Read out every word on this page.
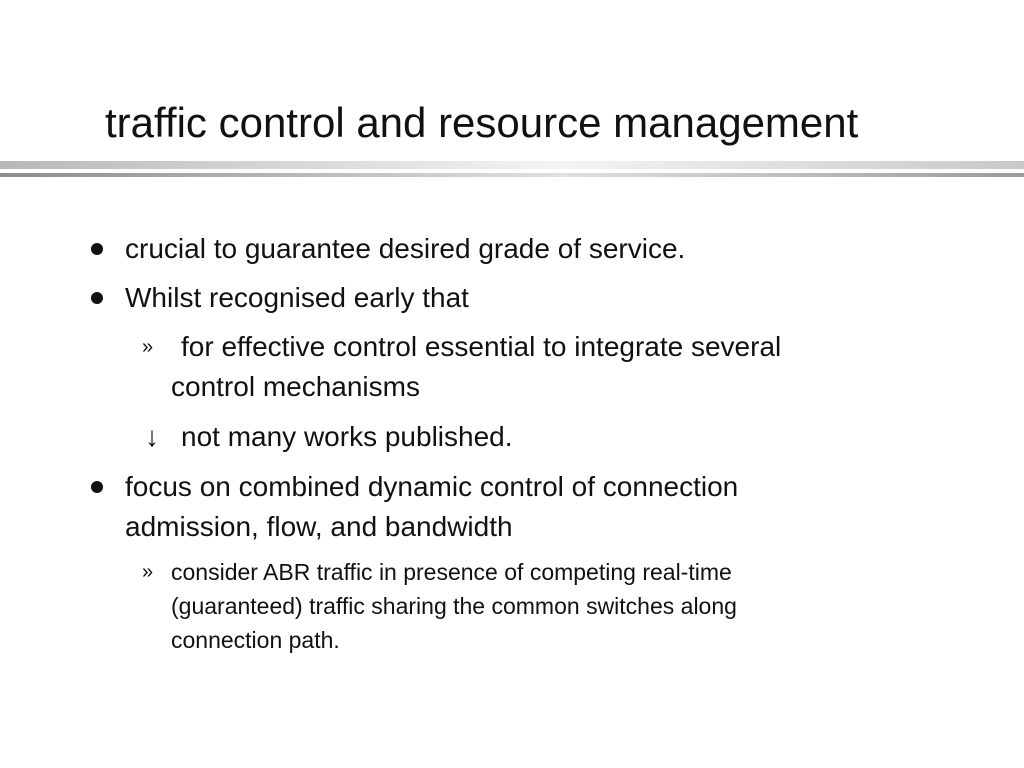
traffic control and resource management
crucial to guarantee desired grade of service.
Whilst recognised early that
» for effective control essential to integrate several
control mechanisms
↓ not many works published.
focus on combined dynamic control of connection
admission, flow, and bandwidth
» consider ABR traffic in presence of competing real-time
(guaranteed) traffic sharing the common switches along
connection path.
